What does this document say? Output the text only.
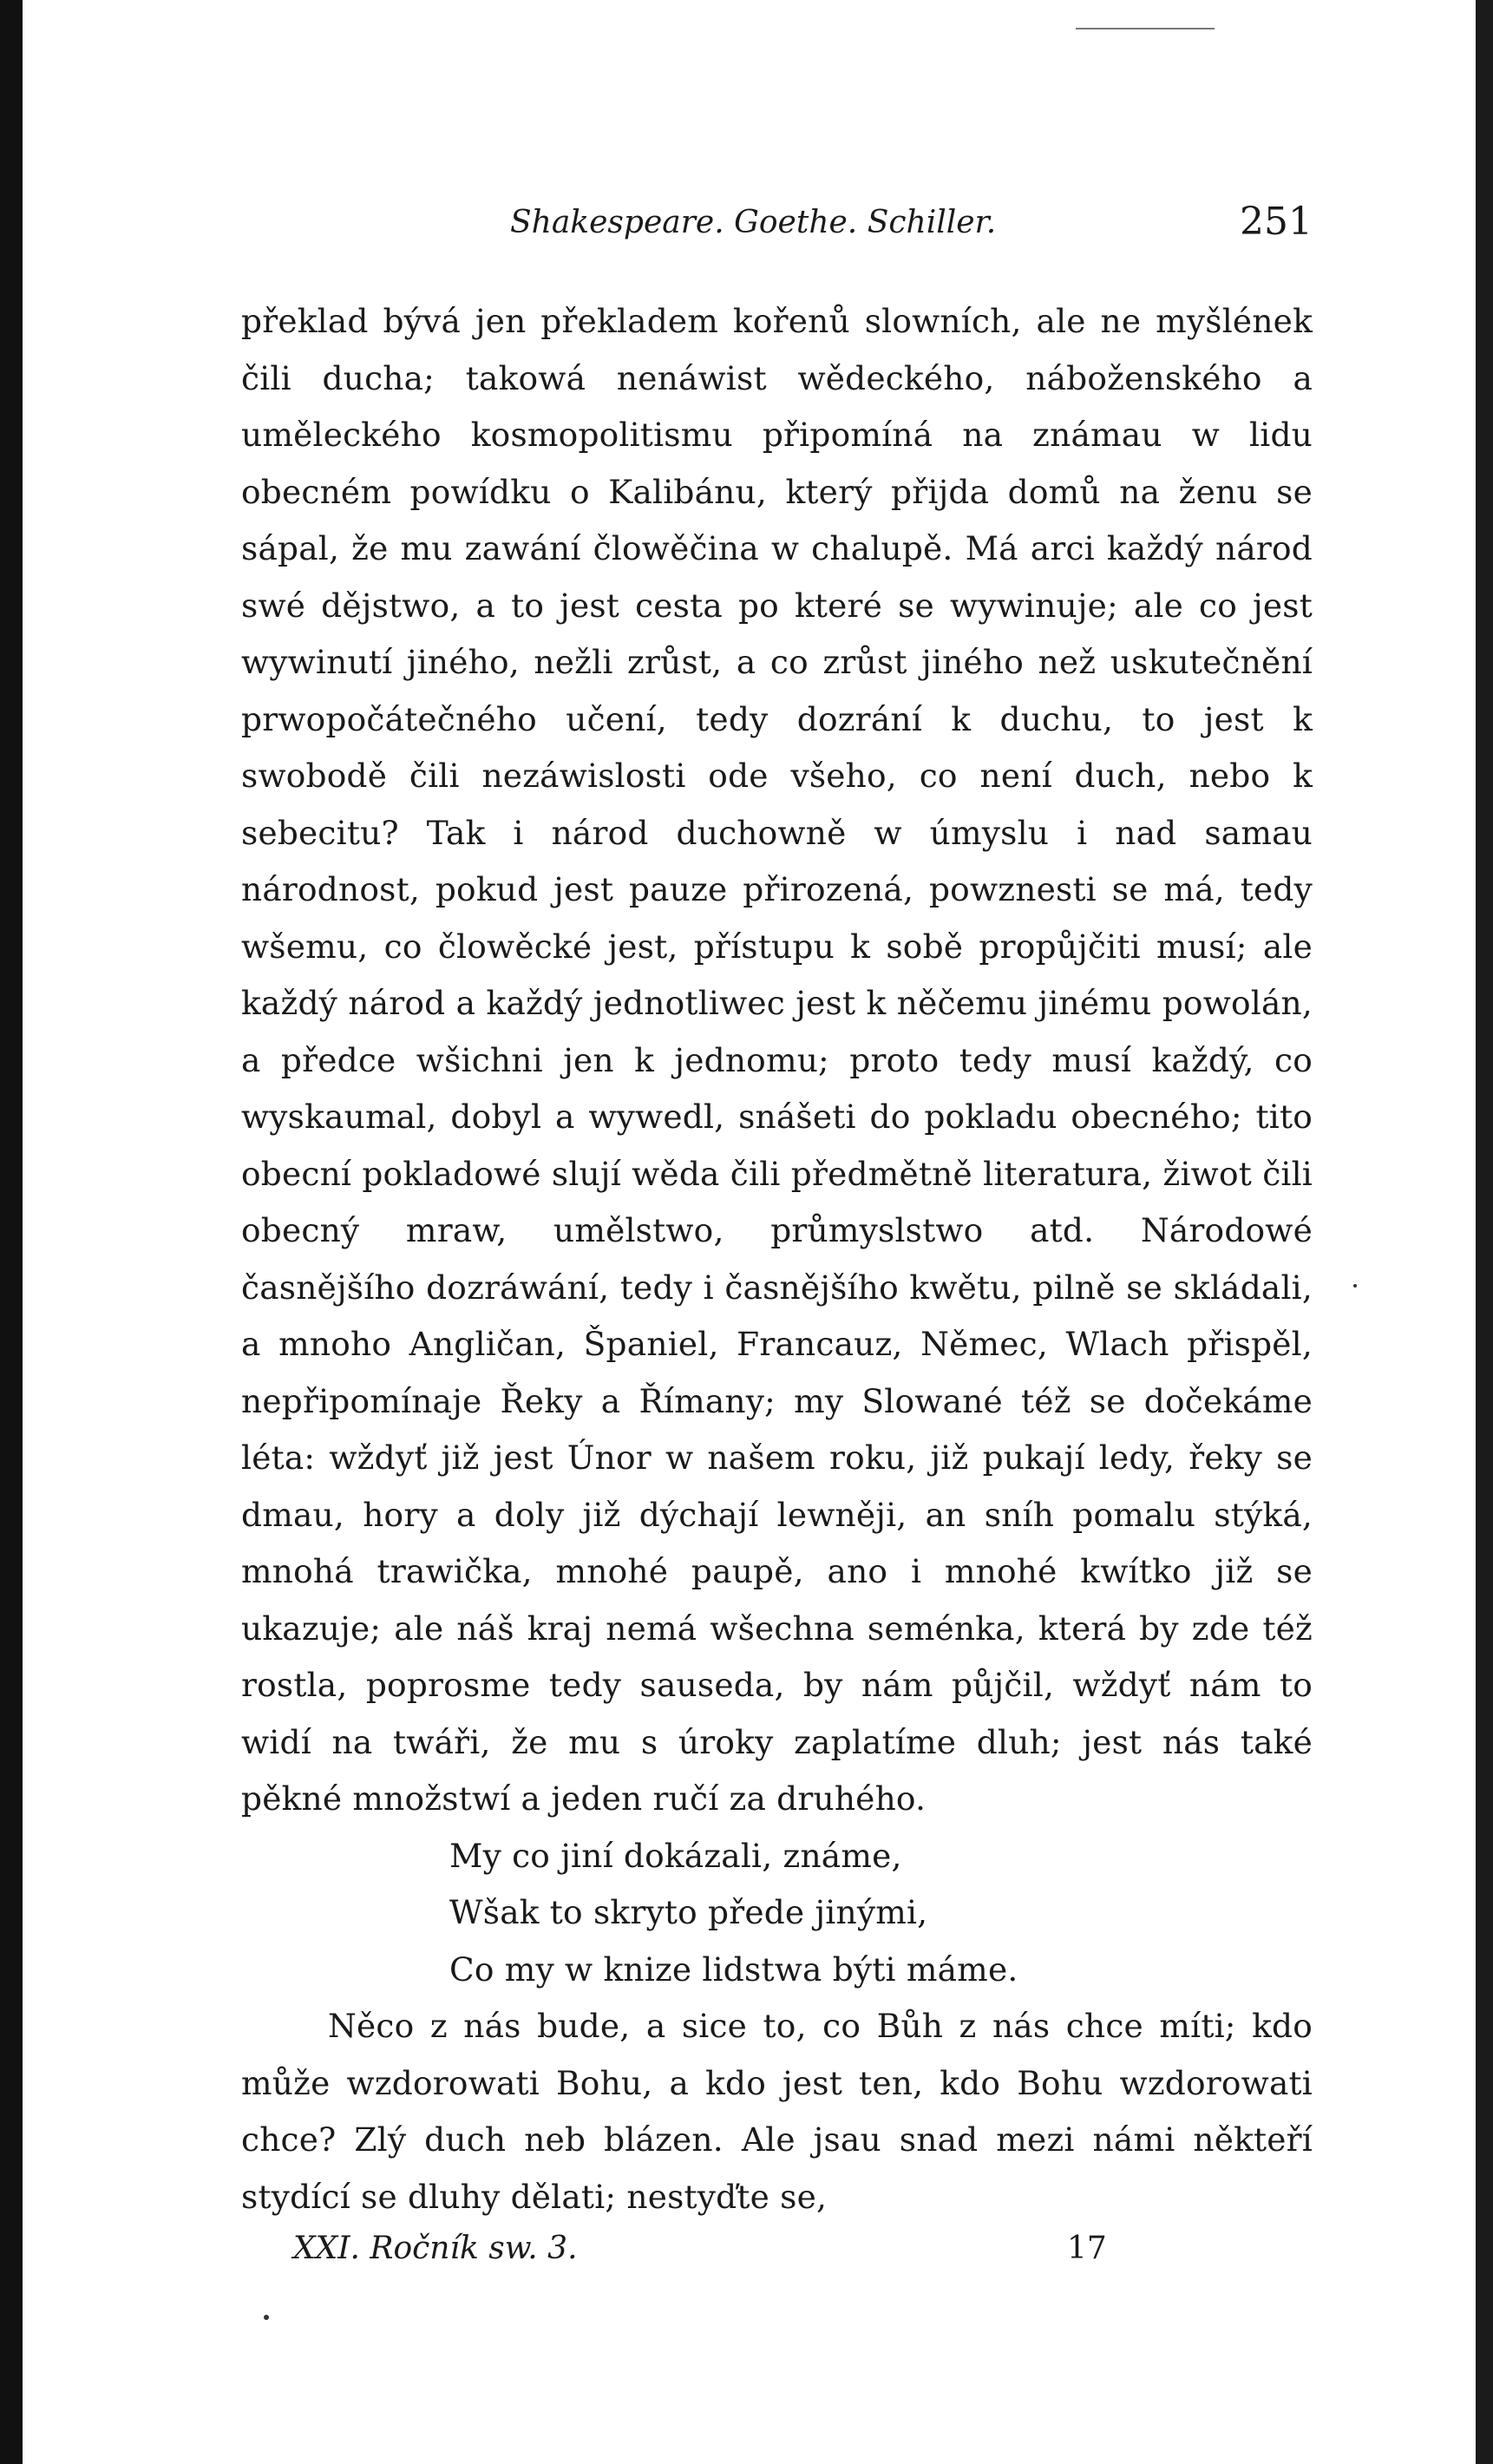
Shakespeare. Goethe. Schiller.	251

překlad bývá jen překladem kořenů slowních, ale ne myšlének čili ducha; takowá nenáwist wědeckého, náboženského a uměleckého kosmopolitismu připomíná na známau w lidu obecném powídku o Kalibánu, který přijda domů na ženu se sápal, že mu zawání člowěčina w chalupě. Má arci každý národ swé dějstwo, a to jest cesta po které se wywinuje; ale co jest wywinutí jiného, nežli zrůst, a co zrůst jiného než uskutečnění prwopočátečného učení, tedy dozrání k duchu, to jest k swobodě čili nezáwislosti ode všeho, co není duch, nebo k sebecitu? Tak i národ duchowně w úmyslu i nad samau národnost, pokud jest pauze přirozená, powznesti se má, tedy wšemu, co člowěcké jest, přístupu k sobě propůjčiti musí; ale každý národ a každý jednotliwec jest k něčemu jinému powolán, a předce wšichni jen k jednomu; proto tedy musí každý, co wyskaumal, dobyl a wywedl, snášeti do pokladu obecného; tito obecní pokladowé slují wěda čili předmětně literatura, žiwot čili obecný mraw, umělstwo, průmyslstwo atd. Národowé časnějšího dozráwání, tedy i časnějšího kwětu, pilně se skládali, a mnoho Angličan, Španiel, Francauz, Němec, Wlach přispěl, nepřipomínaje Řeky a Římany; my Slowané též se dočekáme léta: wždyť již jest Únor w našem roku, již pukají ledy, řeky se dmau, hory a doly již dýchají lewněji, an sníh pomalu stýká, mnohá trawička, mnohé paupě, ano i mnohé kwítko již se ukazuje; ale náš kraj nemá wšechna seménka, která by zde též rostla, poprosme tedy sauseda, by nám půjčil, wždyť nám to widí na twáři, že mu s úroky zaplatíme dluh; jest nás také pěkné množstwí a jeden ručí za druhého.

My co jiní dokázali, známe,
Wšak to skryto přede jinými,
Co my w knize lidstwa býti máme.

Něco z nás bude, a sice to, co Bůh z nás chce míti; kdo může wzdorowati Bohu, a kdo jest ten, kdo Bohu wzdorowati chce? Zlý duch neb blázen. Ale jsau snad mezi námi někteří stydící se dluhy dělati; nestyďte se,

XXI. Ročník sw. 3.	17
